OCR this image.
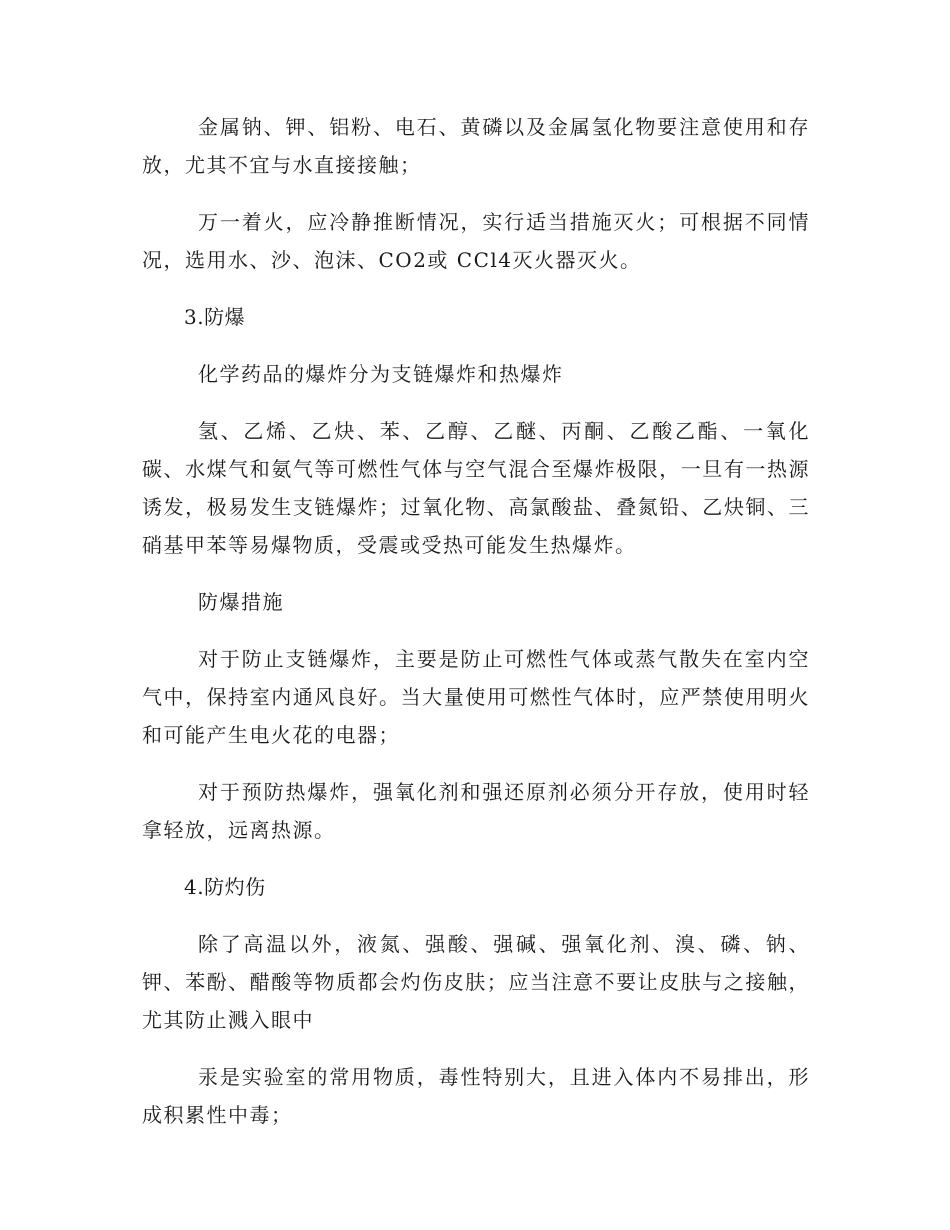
金属钠、钾、铝粉、电石、黄磷以及金属氢化物要注意使用和存放，尤其不宜与水直接接触；

万一着火，应冷静推断情况，实行适当措施灭火；可根据不同情况，选用水、沙、泡沫、CO2或 CCl4灭火器灭火。

3.防爆

化学药品的爆炸分为支链爆炸和热爆炸

氢、乙烯、乙炔、苯、乙醇、乙醚、丙酮、乙酸乙酯、一氧化碳、水煤气和氨气等可燃性气体与空气混合至爆炸极限，一旦有一热源诱发，极易发生支链爆炸；过氧化物、高氯酸盐、叠氮铅、乙炔铜、三硝基甲苯等易爆物质，受震或受热可能发生热爆炸。

防爆措施

对于防止支链爆炸，主要是防止可燃性气体或蒸气散失在室内空气中，保持室内通风良好。当大量使用可燃性气体时，应严禁使用明火和可能产生电火花的电器；

对于预防热爆炸，强氧化剂和强还原剂必须分开存放，使用时轻拿轻放，远离热源。

4.防灼伤

除了高温以外，液氮、强酸、强碱、强氧化剂、溴、磷、钠、钾、苯酚、醋酸等物质都会灼伤皮肤；应当注意不要让皮肤与之接触，尤其防止溅入眼中

汞是实验室的常用物质，毒性特别大，且进入体内不易排出，形成积累性中毒；
